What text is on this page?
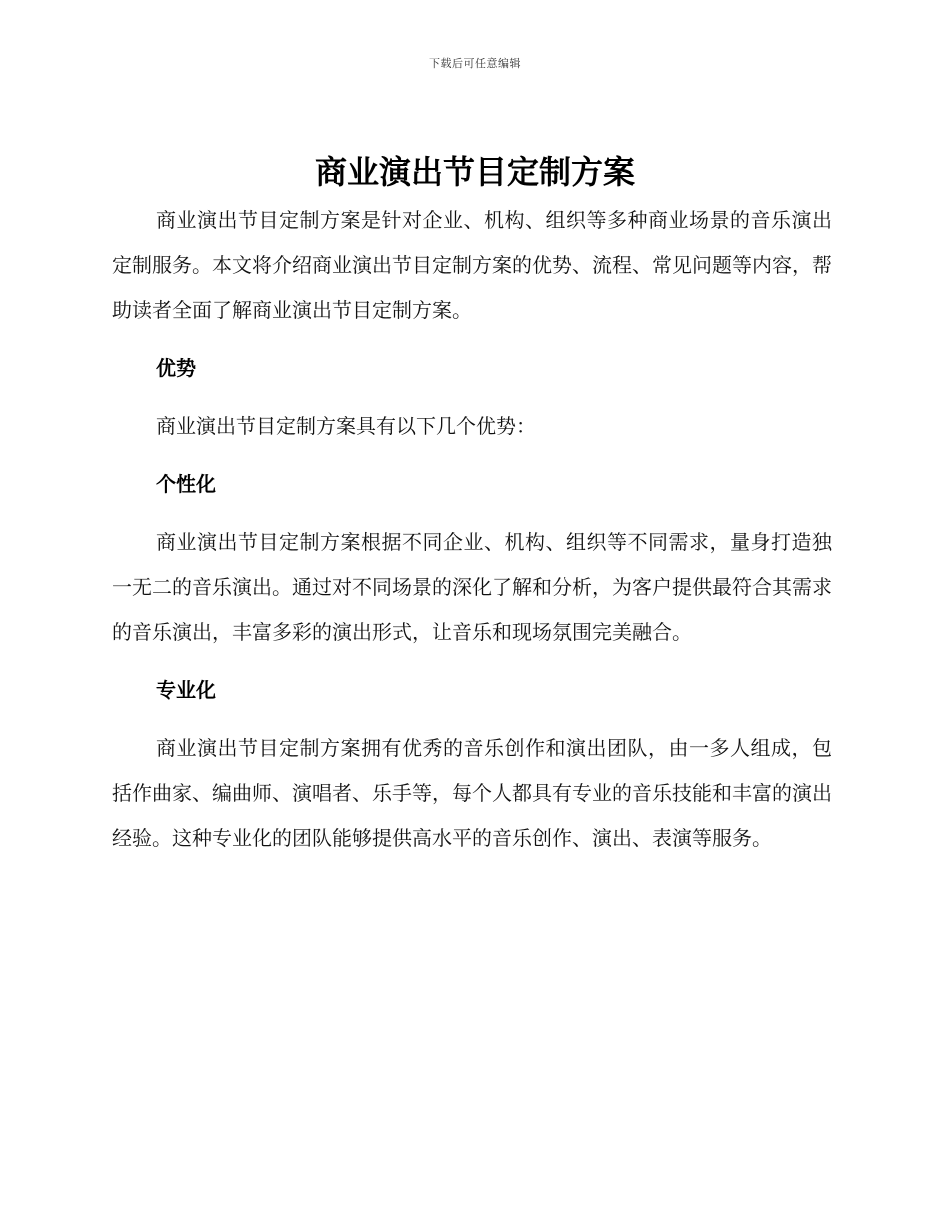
下载后可任意编辑
商业演出节目定制方案

商业演出节目定制方案是针对企业、机构、组织等多种商业场景的音乐演出定制服务。本文将介绍商业演出节目定制方案的优势、流程、常见问题等内容，帮助读者全面了解商业演出节目定制方案。

优势

商业演出节目定制方案具有以下几个优势：

个性化

商业演出节目定制方案根据不同企业、机构、组织等不同需求，量身打造独一无二的音乐演出。通过对不同场景的深化了解和分析，为客户提供最符合其需求的音乐演出，丰富多彩的演出形式，让音乐和现场氛围完美融合。

专业化

商业演出节目定制方案拥有优秀的音乐创作和演出团队，由一多人组成，包括作曲家、编曲师、演唱者、乐手等，每个人都具有专业的音乐技能和丰富的演出经验。这种专业化的团队能够提供高水平的音乐创作、演出、表演等服务。
